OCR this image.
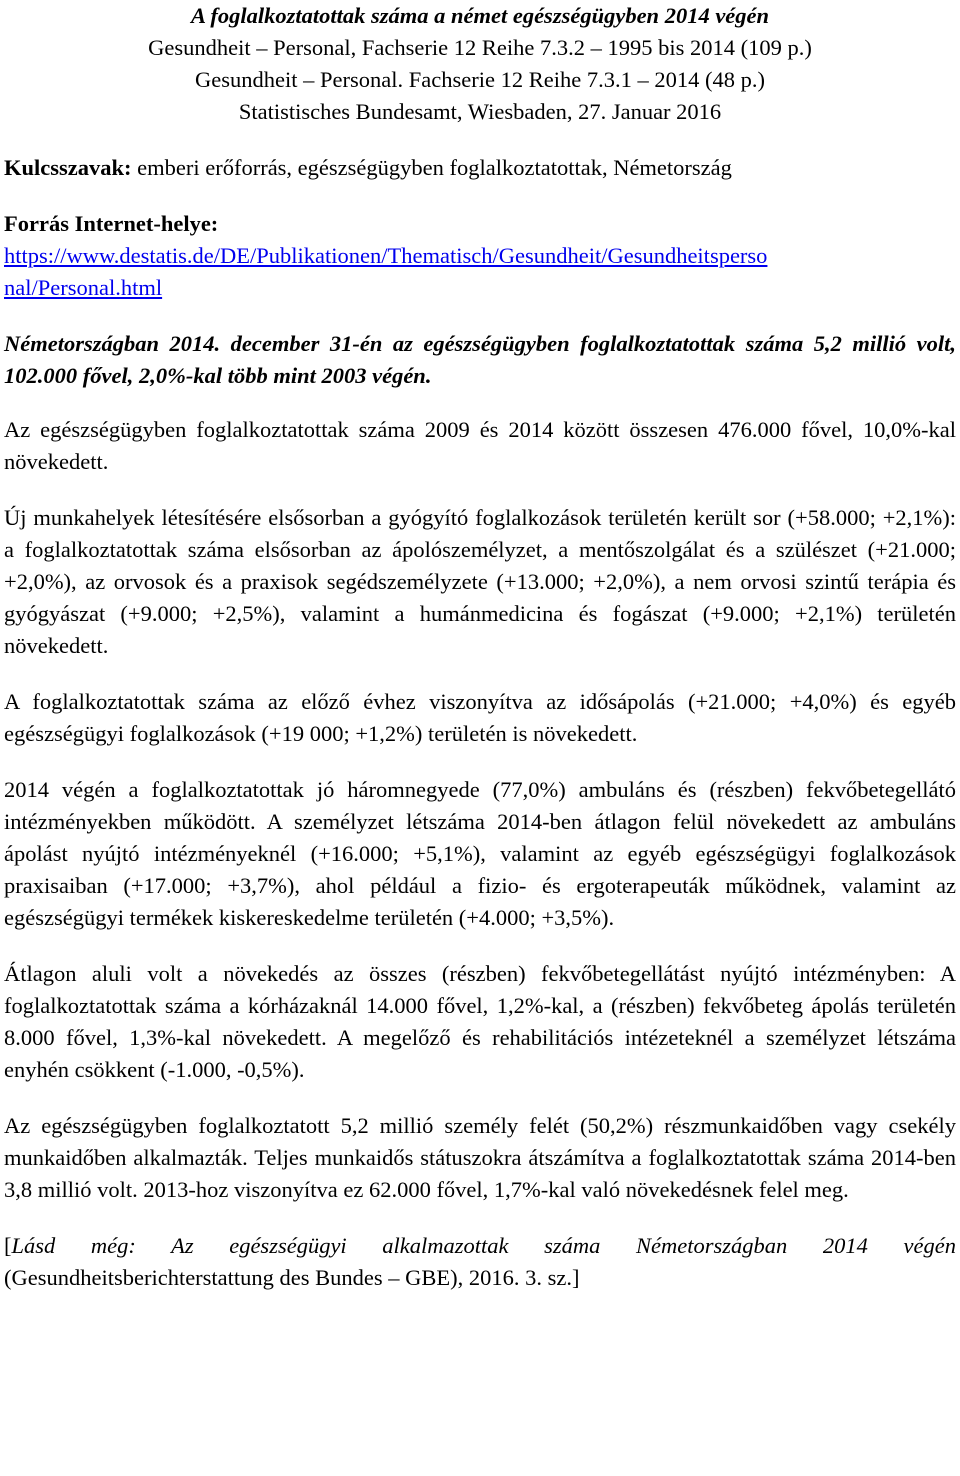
A foglalkoztatottak száma a német egészségügyben 2014 végén
Gesundheit – Personal, Fachserie 12 Reihe 7.3.2 – 1995 bis 2014 (109 p.)
Gesundheit – Personal. Fachserie 12 Reihe 7.3.1 – 2014 (48 p.)
Statistisches Bundesamt, Wiesbaden, 27. Januar 2016
Kulcsszavak: emberi erőforrás, egészségügyben foglalkoztatottak, Németország
Forrás Internet-helye:
https://www.destatis.de/DE/Publikationen/Thematisch/Gesundheit/Gesundheitsperso
nal/Personal.html
Németországban 2014. december 31-én az egészségügyben foglalkoztatottak száma 5,2 millió volt, 102.000 fővel, 2,0%-kal több mint 2003 végén.

Az egészségügyben foglalkoztatottak száma 2009 és 2014 között összesen 476.000 fővel, 10,0%-kal növekedett.

Új munkahelyek létesítésére elsősorban a gyógyító foglalkozások területén került sor (+58.000; +2,1%): a foglalkoztatottak száma elsősorban az ápolószemélyzet, a mentőszolgálat és a szülészet (+21.000; +2,0%), az orvosok és a praxisok segédszemélyzete (+13.000; +2,0%), a nem orvosi szintű terápia és gyógyászat (+9.000; +2,5%), valamint a humánmedicina és fogászat (+9.000; +2,1%) területén növekedett.

A foglalkoztatottak száma az előző évhez viszonyítva az idősápolás (+21.000; +4,0%) és egyéb egészségügyi foglalkozások (+19 000; +1,2%) területén is növekedett.

2014 végén a foglalkoztatottak jó háromnegyede (77,0%) ambuláns és (részben) fekvőbetegellátó intézményekben működött. A személyzet létszáma 2014-ben átlagon felül növekedett az ambuláns ápolást nyújtó intézményeknél (+16.000; +5,1%), valamint az egyéb egészségügyi foglalkozások praxisaiban (+17.000; +3,7%), ahol például a fizio- és ergoterapeuták működnek, valamint az egészségügyi termékek kiskereskedelme területén (+4.000; +3,5%).

Átlagon aluli volt a növekedés az összes (részben) fekvőbetegellátást nyújtó intézményben: A foglalkoztatottak száma a kórházaknál 14.000 fővel, 1,2%-kal, a (részben) fekvőbeteg ápolás területén 8.000 fővel, 1,3%-kal növekedett. A megelőző és rehabilitációs intézeteknél a személyzet létszáma enyhén csökkent (-1.000, -0,5%).

Az egészségügyben foglalkoztatott 5,2 millió személy felét (50,2%) részmunkaidőben vagy csekély munkaidőben alkalmazták. Teljes munkaidős státuszokra átszámítva a foglalkoztatottak száma 2014-ben 3,8 millió volt. 2013-hoz viszonyítva ez 62.000 fővel, 1,7%-kal való növekedésnek felel meg.

[Lásd még: Az egészségügyi alkalmazottak száma Németországban 2014 végén (Gesundheitsberichterstattung des Bundes – GBE), 2016. 3. sz.]
